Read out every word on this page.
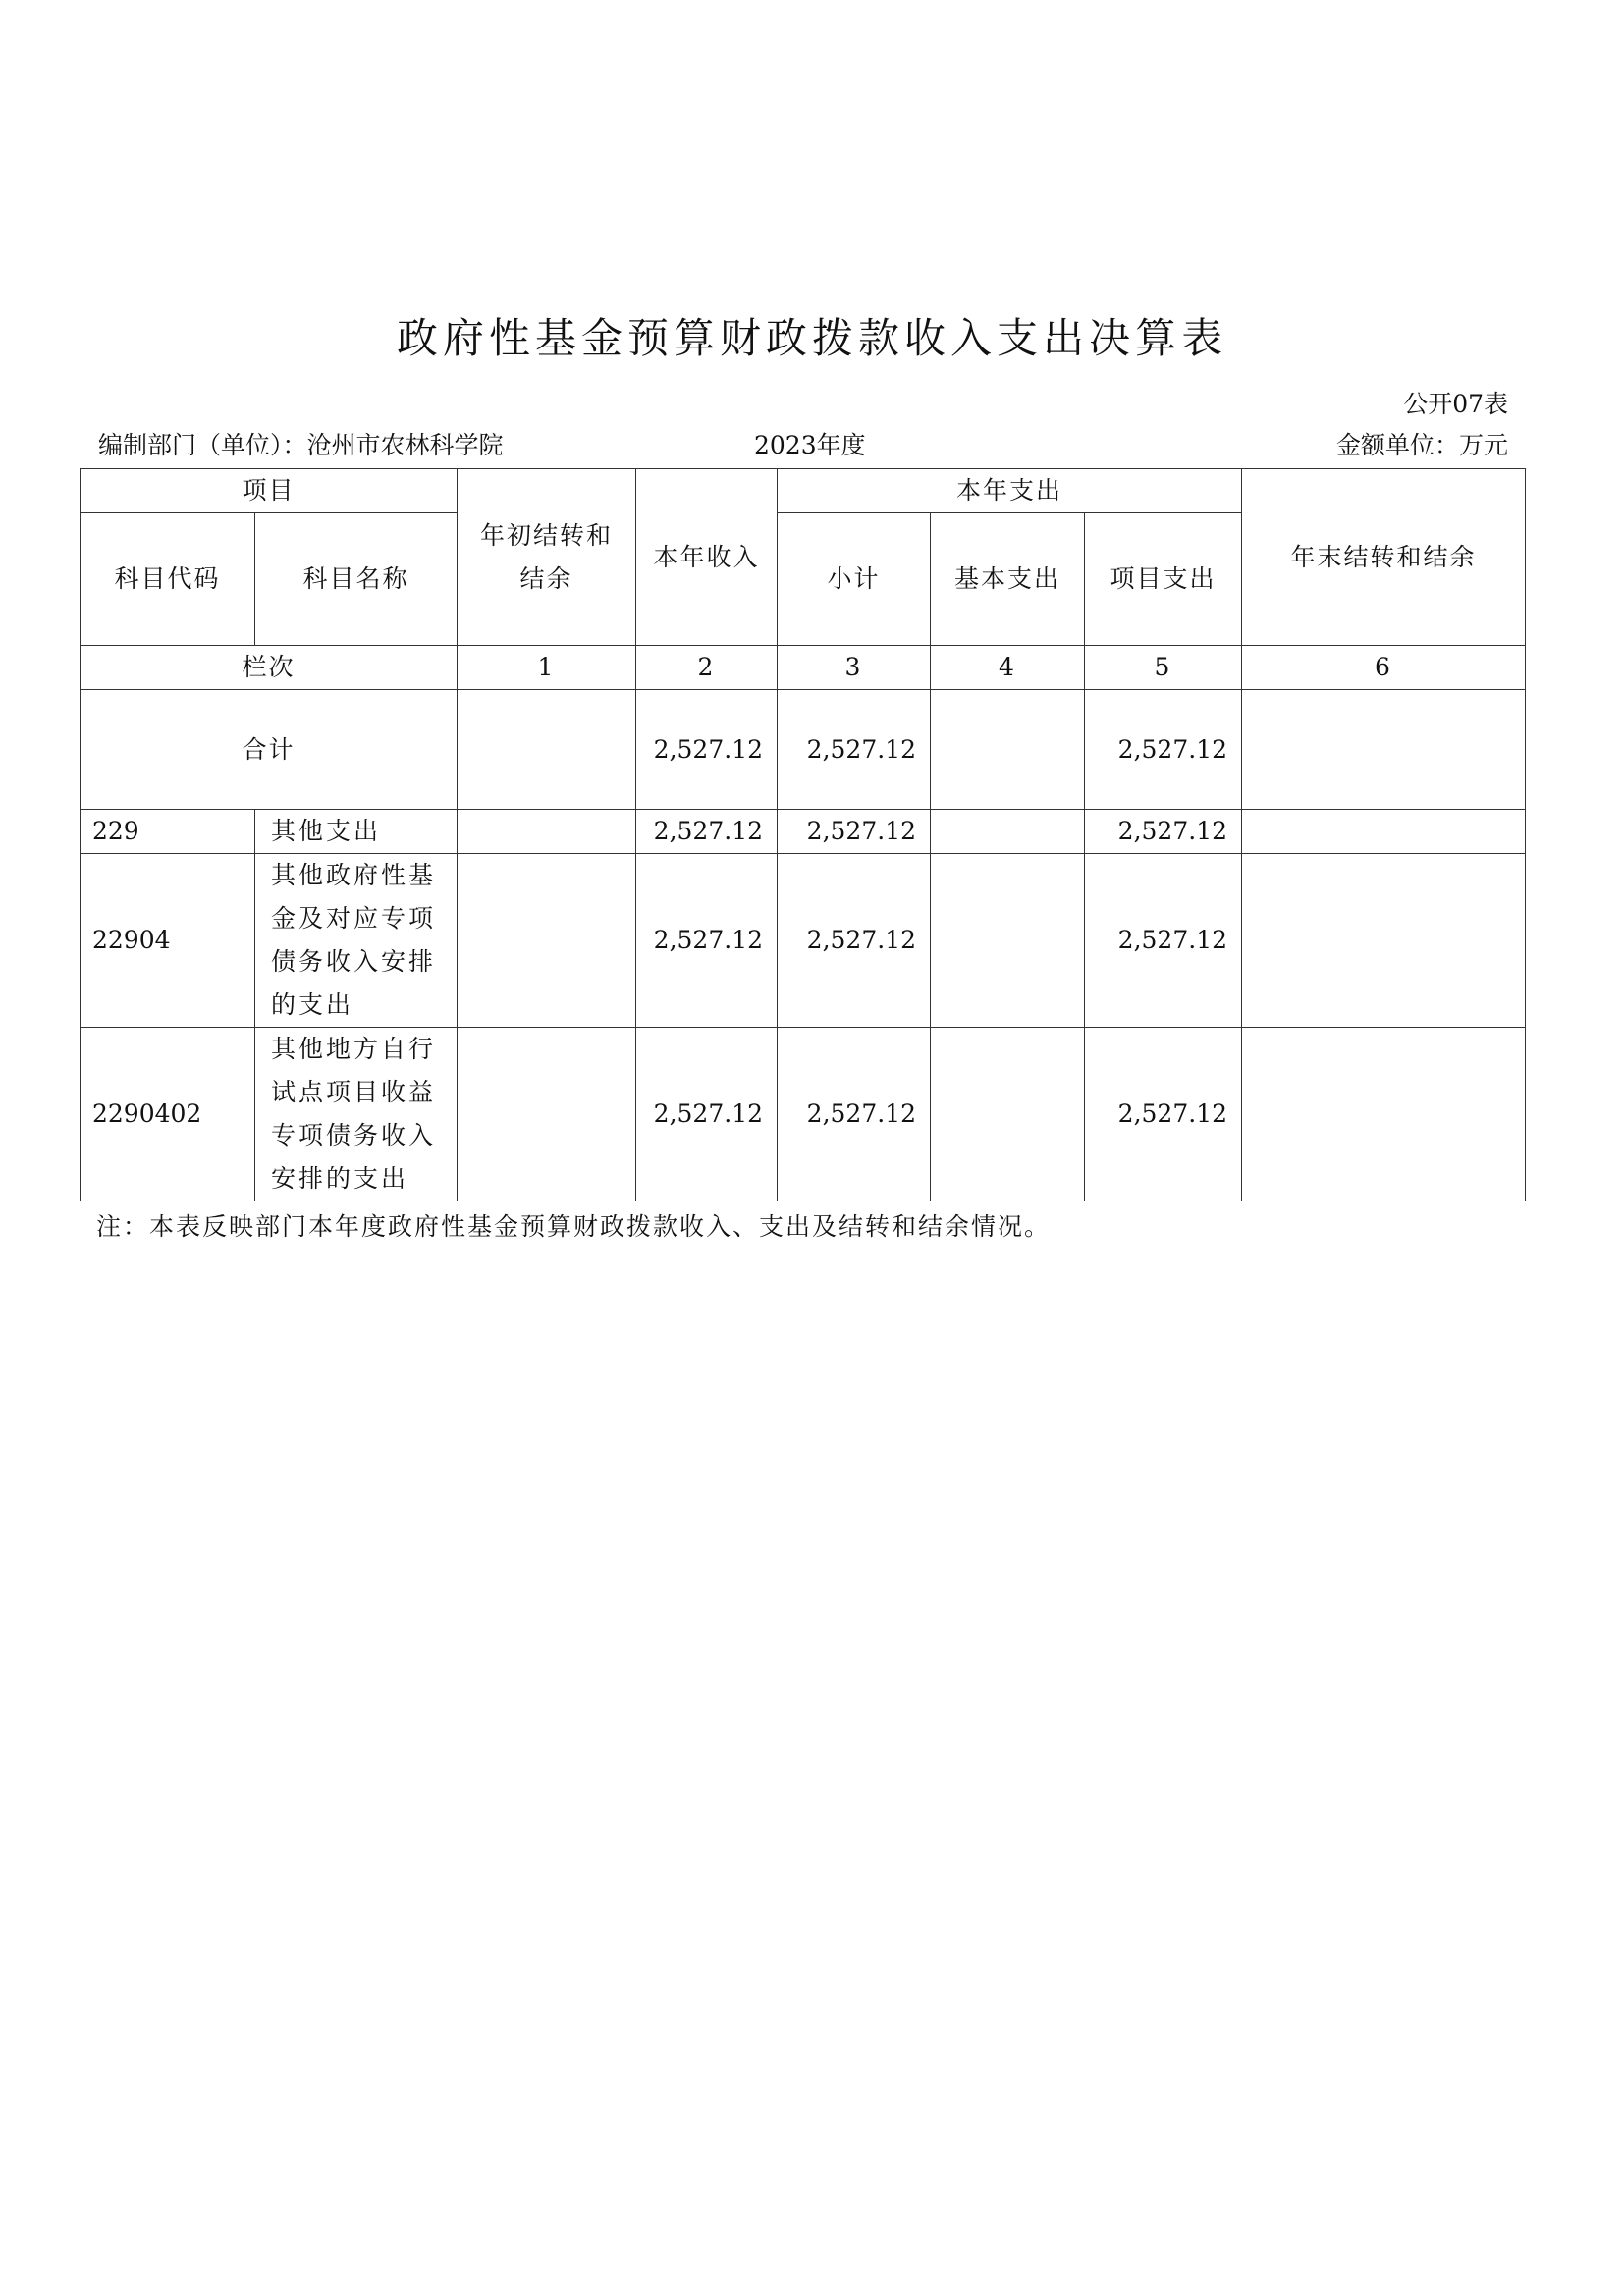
政府性基金预算财政拨款收入支出决算表
公开07表
编制部门（单位）：沧州市农林科学院	2023年度	金额单位：万元
项目		年初结转和结余	本年收入	本年支出			年末结转和结余
科目代码	科目名称			小计	基本支出	项目支出	
栏次		1	2	3	4	5	6
合计			2,527.12	2,527.12		2,527.12	
229	其他支出		2,527.12	2,527.12		2,527.12	
22904	其他政府性基金及对应专项债务收入安排的支出		2,527.12	2,527.12		2,527.12	
2290402	其他地方自行试点项目收益专项债务收入安排的支出		2,527.12	2,527.12		2,527.12	
注：本表反映部门本年度政府性基金预算财政拨款收入、支出及结转和结余情况。
